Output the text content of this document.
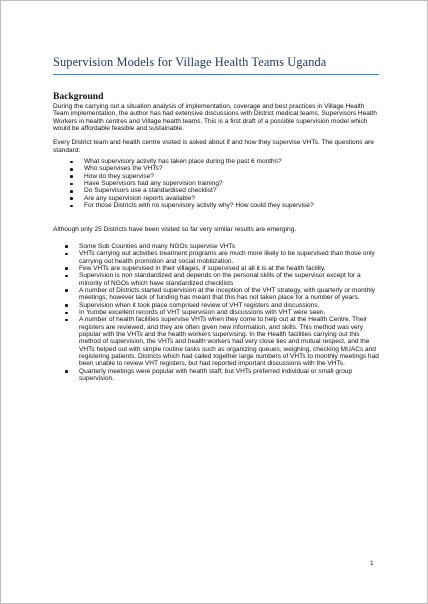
Supervision Models for Village Health Teams Uganda
Background

During the carrying out a situation analysis of implementation, coverage and best practices in Village Health Team implementation, the author has had extensive discussions with District medical teams, Supervisors Health Workers in health centres and Village health teams. This is a first draft of a possible supervision model which would be affordable feasible and sustainable.

Every District team and health centre visited is asked about if and how they supervise VHTs. The questions are standard:

What supervisory activity has taken place during the past 6 months?
Who supervises the VHTs?
How do they supervise?
Have Supervisors had any supervision training?
Do Supervisors use a standardised checklist?
Are any supervision reports available?
For those Districts with no supervisory activity why? How could they supervise?

Although only 25 Districts have been visited so far very similar results are emerging.

Some Sub Counties and many NGOs supervise VHTs
VHTs carrying out activities treatment programs are much more likely to be supervised than those only carrying out health promotion and social mobilization.
Few VHTs are supervised in their villages, if supervised at all it is at the health facility.
Supervision is non standardized and depends on the personal skills of the supervisor except for a minority of NGOs which have standardized checklists
A number of Districts started supervision at the inception of the VHT strategy, with quarterly or monthly meetings; however lack of funding has meant that this has not taken place for a number of years.
Supervision when it took place comprised review of VHT registers and discussions.
In Yumbe excellent records of VHT supervision and discussions with VHT were seen.
A number of health facilities supervise VHTs when they come to help out at the Health Centre. Their registers are reviewed, and they are often given new information, and skills. This method was very popular with the VHTs and the health workers supervising. In the Health facilities carrying out this method of supervision, the VHTs and health workers had very close ties and mutual respect, and the VHTs helped out with simple routine tasks such as organizing queues, weighing, checking MUACs and registering patients. Districts which had called together large numbers of VHTs to monthly meetings had been unable to review VHT registers, but had reported important discussions with the VHTs.
Quarterly meetings were popular with health staff, but VHTs preferred individual or small group supervision.
1
